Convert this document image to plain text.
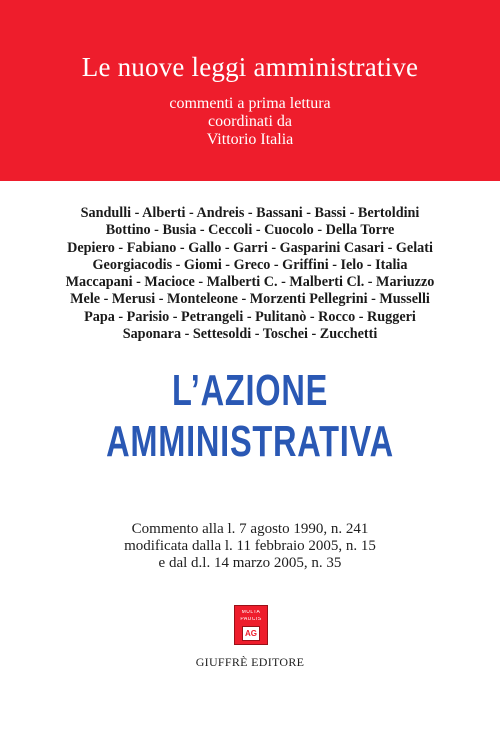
Le nuove leggi amministrative
commenti a prima lettura
coordinati da
Vittorio Italia
Sandulli - Alberti - Andreis - Bassani - Bassi - Bertoldini
Bottino - Busia - Ceccoli - Cuocolo - Della Torre
Depiero - Fabiano - Gallo - Garri - Gasparini Casari - Gelati
Georgiacodis - Giomi - Greco - Griffini - Ielo - Italia
Maccapani - Macioce - Malberti C. - Malberti Cl. - Mariuzzo
Mele - Merusi - Monteleone - Morzenti Pellegrini - Musselli
Papa - Parisio - Petrangeli - Pulitanò - Rocco - Ruggeri
Saponara - Settesoldi - Toschei - Zucchetti
L’AZIONE
AMMINISTRATIVA
Commento alla l. 7 agosto 1990, n. 241
modificata dalla l. 11 febbraio 2005, n. 15
e dal d.l. 14 marzo 2005, n. 35
MULTA
PAUCIS
AG
GIUFFRÈ EDITORE
